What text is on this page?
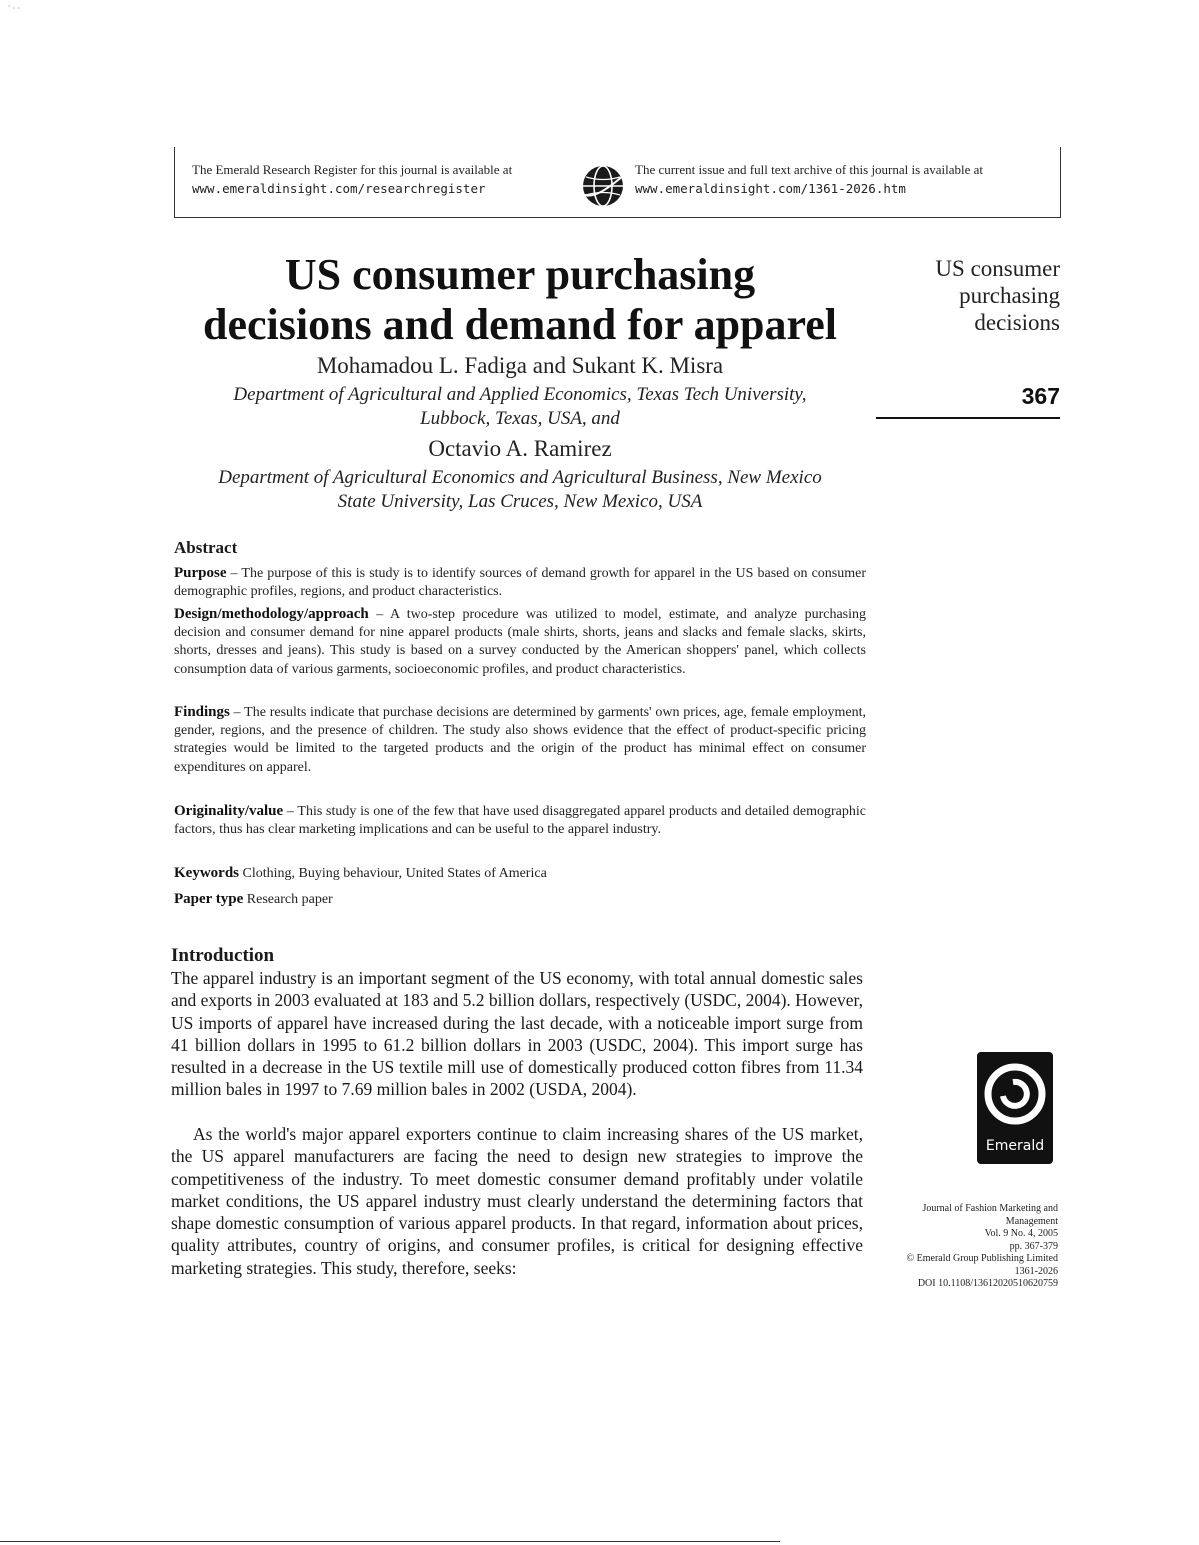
` · ·
The Emerald Research Register for this journal is available at
www.emeraldinsight.com/researchregister
The current issue and full text archive of this journal is available at
www.emeraldinsight.com/1361-2026.htm
US consumer purchasing
decisions and demand for apparel
Mohamadou L. Fadiga and Sukant K. Misra
Department of Agricultural and Applied Economics, Texas Tech University,
Lubbock, Texas, USA, and
Octavio A. Ramirez
Department of Agricultural Economics and Agricultural Business, New Mexico
State University, Las Cruces, New Mexico, USA
US consumer
purchasing
decisions
367
Abstract
Purpose – The purpose of this is study is to identify sources of demand growth for apparel in the US based on consumer demographic profiles, regions, and product characteristics.
Design/methodology/approach – A two-step procedure was utilized to model, estimate, and analyze purchasing decision and consumer demand for nine apparel products (male shirts, shorts, jeans and slacks and female slacks, skirts, shorts, dresses and jeans). This study is based on a survey conducted by the American shoppers' panel, which collects consumption data of various garments, socioeconomic profiles, and product characteristics.
Findings – The results indicate that purchase decisions are determined by garments' own prices, age, female employment, gender, regions, and the presence of children. The study also shows evidence that the effect of product-specific pricing strategies would be limited to the targeted products and the origin of the product has minimal effect on consumer expenditures on apparel.
Originality/value – This study is one of the few that have used disaggregated apparel products and detailed demographic factors, thus has clear marketing implications and can be useful to the apparel industry.
Keywords Clothing, Buying behaviour, United States of America
Paper type Research paper
Introduction
The apparel industry is an important segment of the US economy, with total annual domestic sales and exports in 2003 evaluated at 183 and 5.2 billion dollars, respectively (USDC, 2004). However, US imports of apparel have increased during the last decade, with a noticeable import surge from 41 billion dollars in 1995 to 61.2 billion dollars in 2003 (USDC, 2004). This import surge has resulted in a decrease in the US textile mill use of domestically produced cotton fibres from 11.34 million bales in 1997 to 7.69 million bales in 2002 (USDA, 2004).
As the world's major apparel exporters continue to claim increasing shares of the US market, the US apparel manufacturers are facing the need to design new strategies to improve the competitiveness of the industry. To meet domestic consumer demand profitably under volatile market conditions, the US apparel industry must clearly understand the determining factors that shape domestic consumption of various apparel products. In that regard, information about prices, quality attributes, country of origins, and consumer profiles, is critical for designing effective marketing strategies. This study, therefore, seeks:
Emerald
Journal of Fashion Marketing and
Management
Vol. 9 No. 4, 2005
pp. 367-379
© Emerald Group Publishing Limited
1361-2026
DOI 10.1108/13612020510620759
